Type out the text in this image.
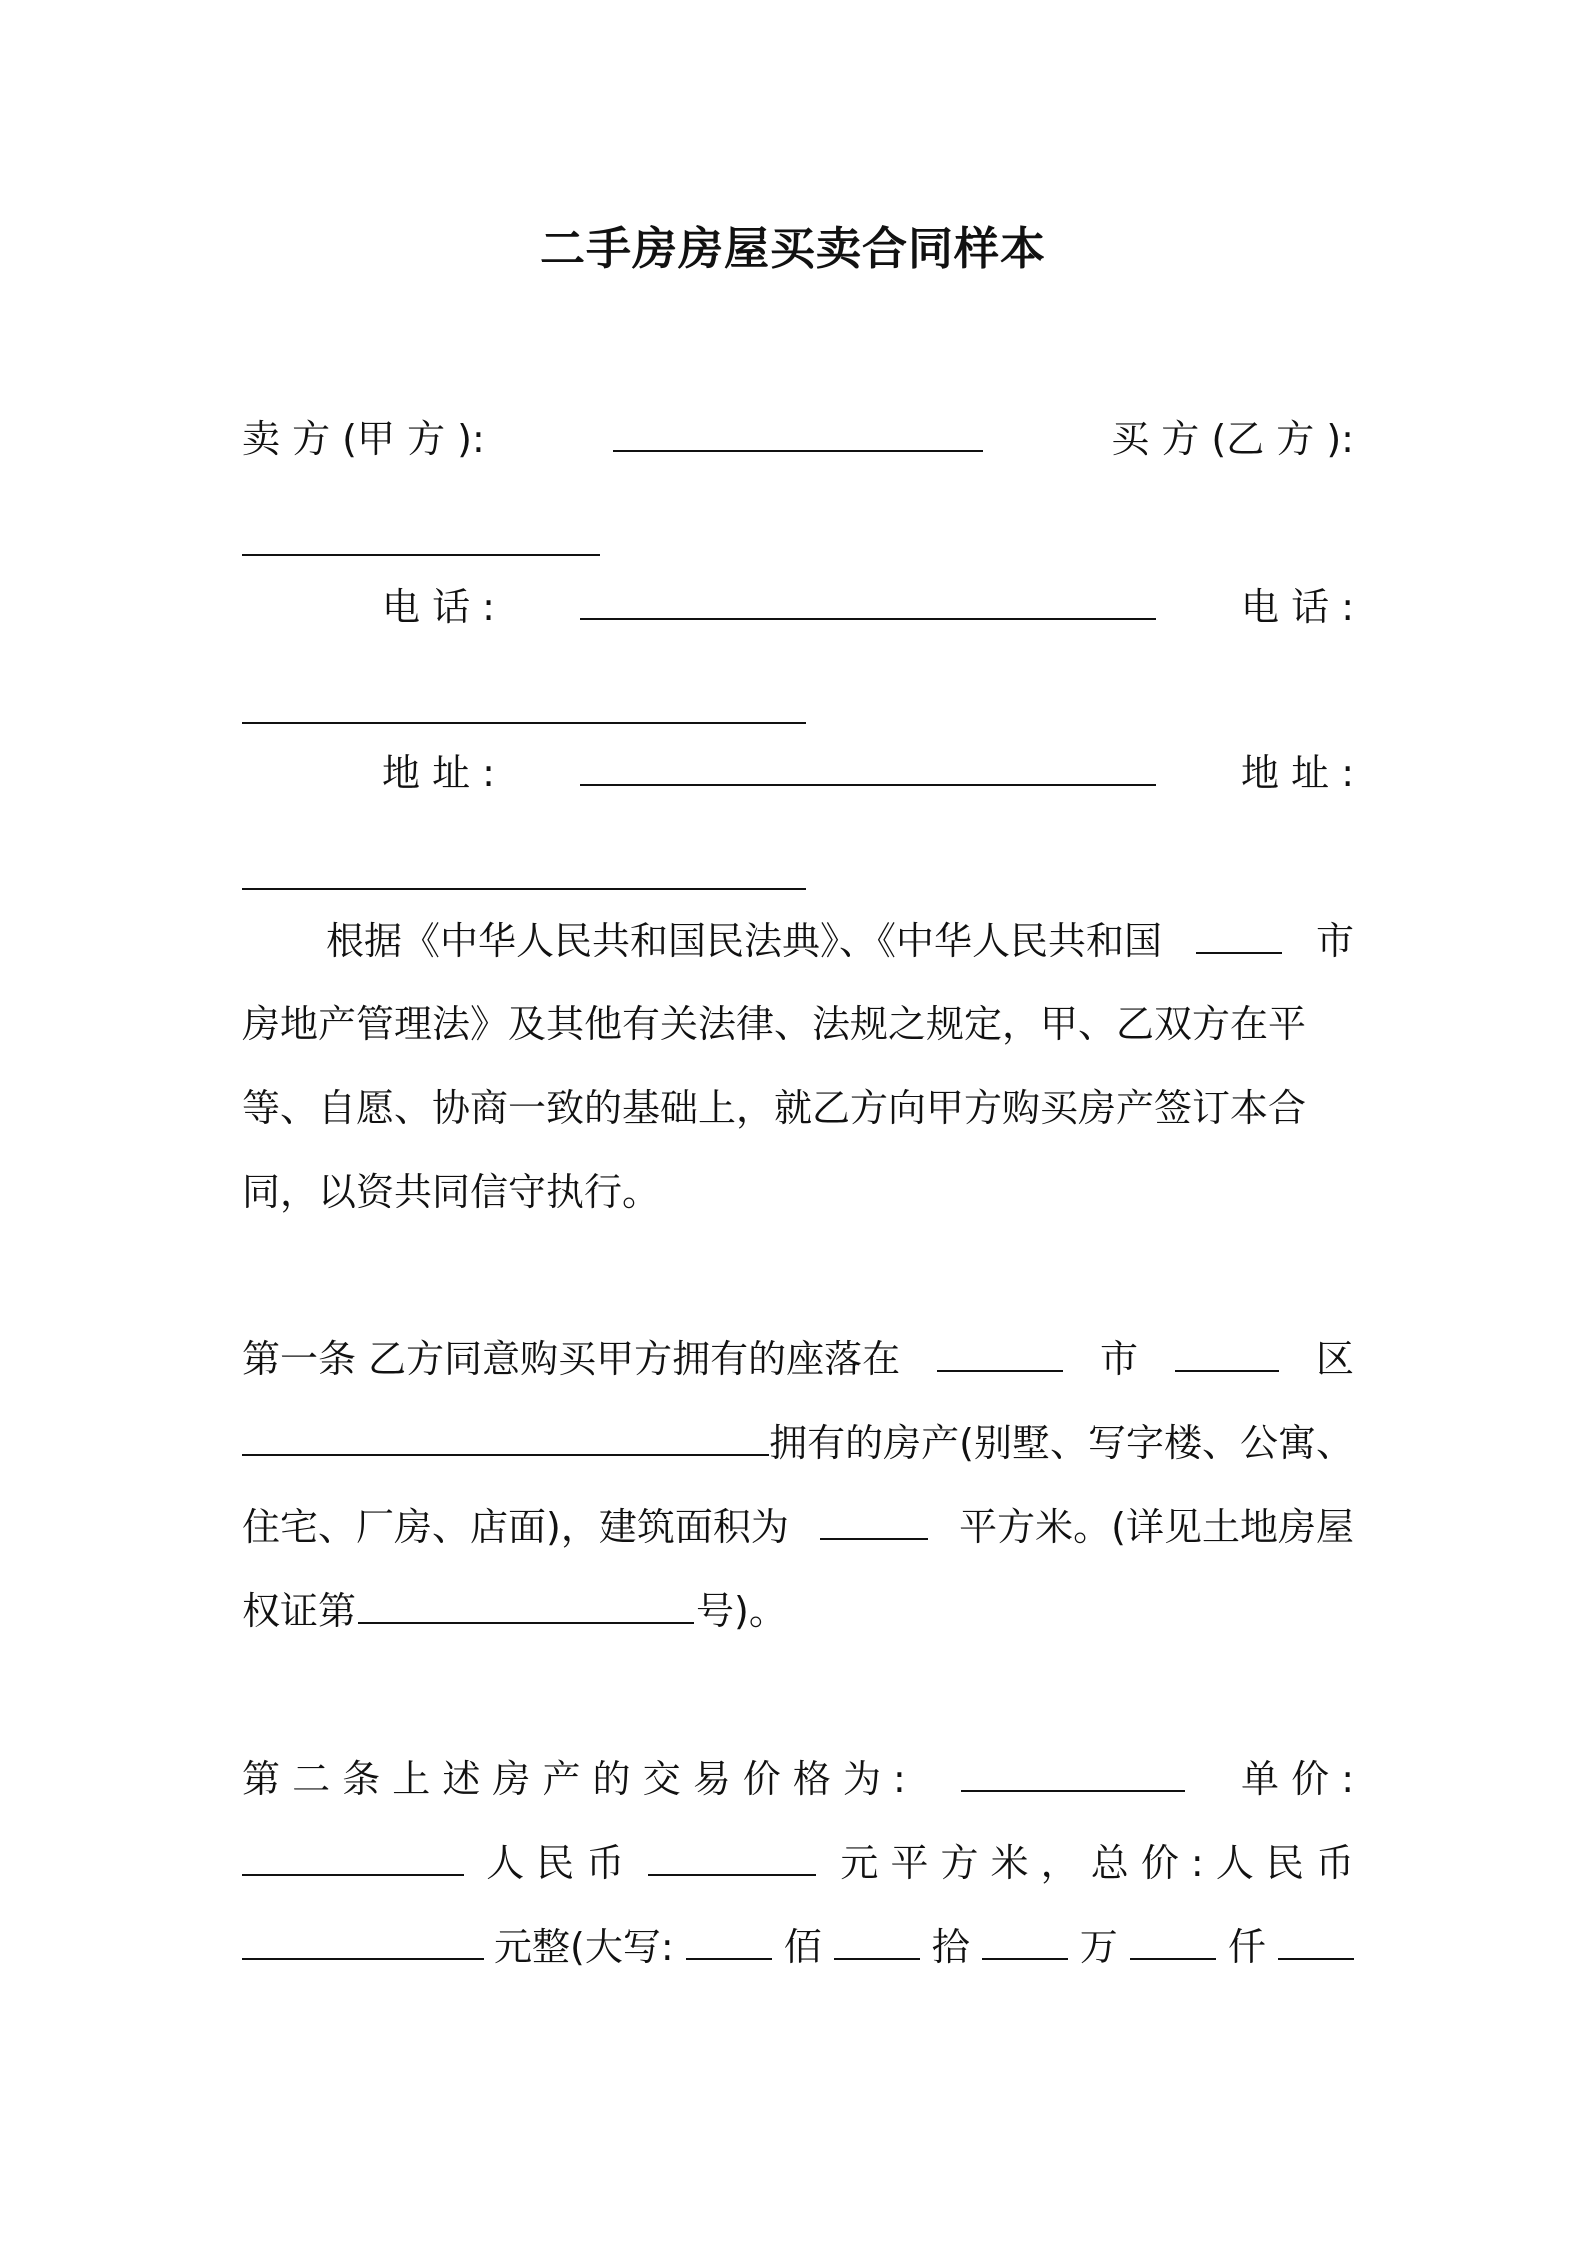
二手房房屋买卖合同样本
卖 方 (甲 方 ):	买 方 (乙 方 ):
电 话 :	电 话 :
地 址 :	地 址 :
根据《中华人民共和国民法典》、《中华人民共和国	市
房地产管理法》及其他有关法律、法规之规定，甲、乙双方在平
等、自愿、协商一致的基础上，就乙方向甲方购买房产签订本合
同，以资共同信守执行。
第一条 乙方同意购买甲方拥有的座落在	市	区
拥有的房产(别墅、写字楼、公寓、
住宅、厂房、店面)，建筑面积为	平方米。(详见土地房屋
权证第	号)。
第 二 条 上 述 房 产 的 交 易 价 格 为 :	单 价 :
人 民 币	元 平 方 米 ， 总 价 : 人 民 币
元整(大写:	佰	拾	万	仟
